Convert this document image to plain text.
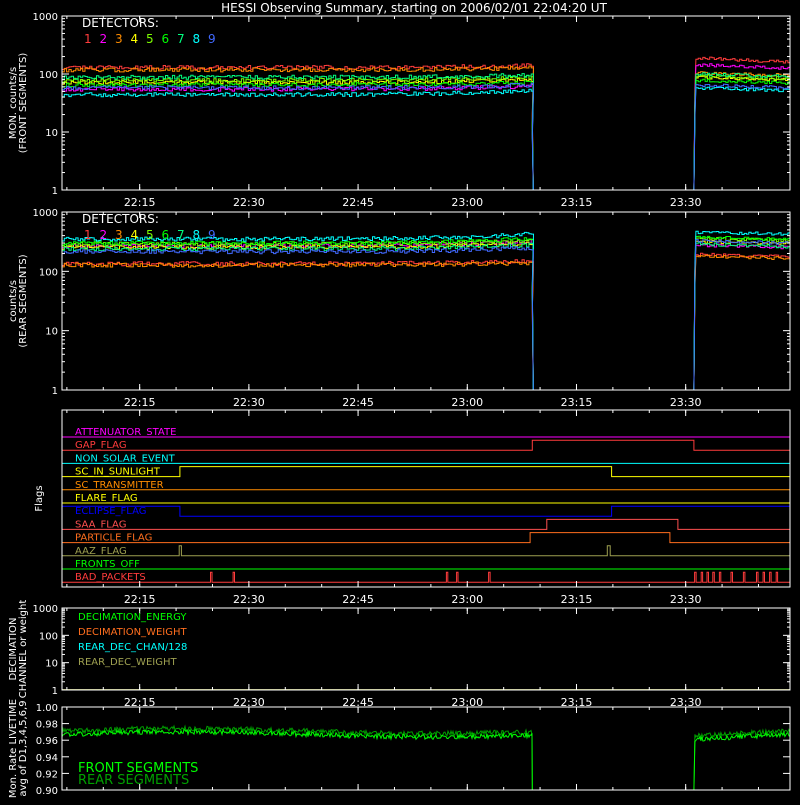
HESSI Observing Summary, starting on 2006/02/01 22:04:20 UT
22:15	22:30	22:45	23:00	23:15	23:30
1
10
100
1000
MON. counts/s (FRONT SEGMENTS)
DETECTORS:
1 2 3 4 5 6 7 8 9
22:15	22:30	22:45	23:00	23:15	23:30
1
10
100
1000
counts/s (REAR SEGMENTS)
DETECTORS:
1 2 3 4 5 6 7 8 9
ATTENUATOR_STATE
GAP_FLAG
NON_SOLAR_EVENT
SC_IN_SUNLIGHT
SC_TRANSMITTER
FLARE_FLAG
ECLIPSE_FLAG
SAA_FLAG
PARTICLE_FLAG
AAZ_FLAG
FRONTS_OFF
BAD_PACKETS
22:15	22:30	22:45	23:00	23:15	23:30
Flags
22:15	22:30	22:45	23:00	23:15	23:30
1
10
100
1000
DECIMATION CHANNEL or weight	DECIMATION_ENERGY
DECIMATION_WEIGHT
REAR_DEC_CHAN/128
REAR_DEC_WEIGHT
0.90
0.92
0.94
0.96
0.98
1.00
Mon. Rate LIVETIME avg of D1,3,4,5,6,9	FRONT SEGMENTS
REAR SEGMENTS
